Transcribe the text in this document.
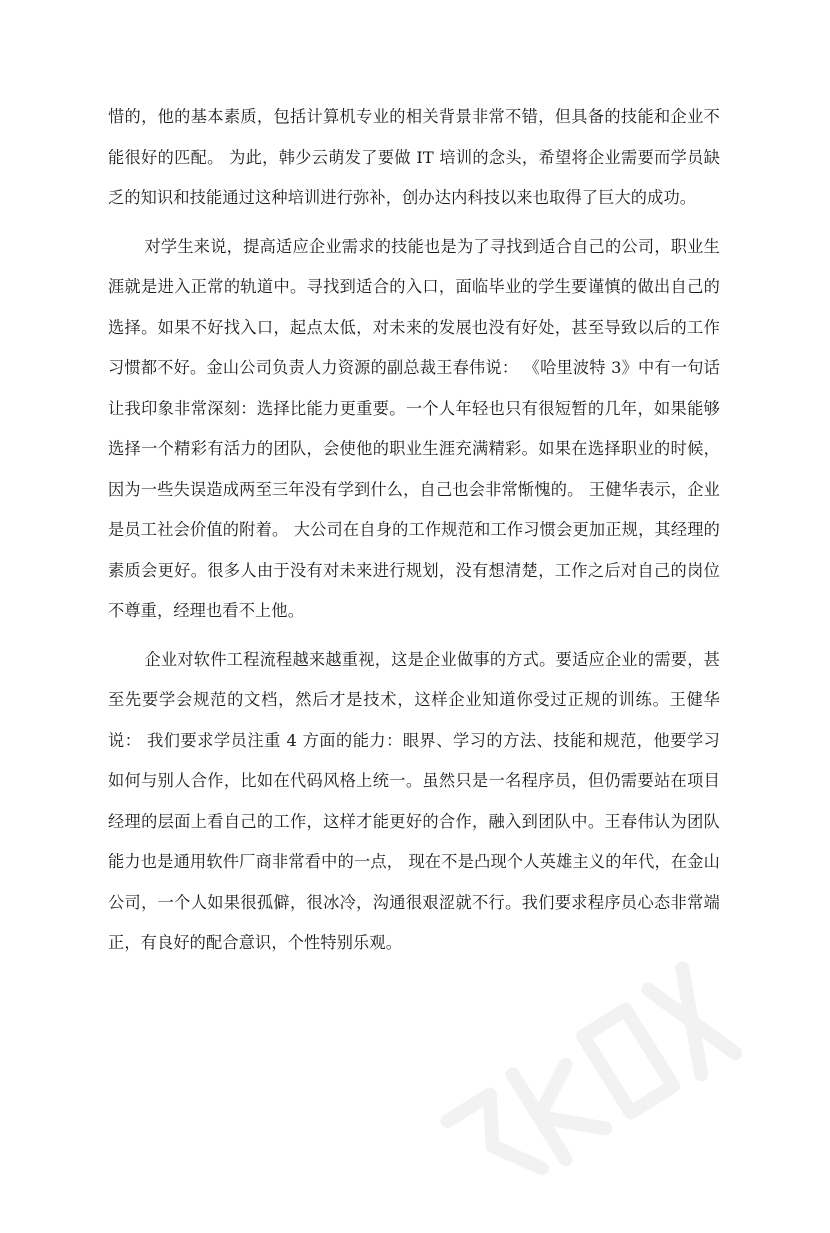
惜的，他的基本素质，包括计算机专业的相关背景非常不错，但具备的技能和企业不能很好的匹配。 为此，韩少云萌发了要做 IT 培训的念头，希望将企业需要而学员缺乏的知识和技能通过这种培训进行弥补，创办达内科技以来也取得了巨大的成功。

对学生来说，提高适应企业需求的技能也是为了寻找到适合自己的公司，职业生涯就是进入正常的轨道中。寻找到适合的入口，面临毕业的学生要谨慎的做出自己的选择。如果不好找入口，起点太低，对未来的发展也没有好处，甚至导致以后的工作习惯都不好。金山公司负责人力资源的副总裁王春伟说： 《哈里波特 3》中有一句话让我印象非常深刻：选择比能力更重要。一个人年轻也只有很短暂的几年，如果能够选择一个精彩有活力的团队，会使他的职业生涯充满精彩。如果在选择职业的时候，因为一些失误造成两至三年没有学到什么，自己也会非常惭愧的。 王健华表示，企业是员工社会价值的附着。 大公司在自身的工作规范和工作习惯会更加正规，其经理的素质会更好。很多人由于没有对未来进行规划，没有想清楚，工作之后对自己的岗位不尊重，经理也看不上他。

企业对软件工程流程越来越重视，这是企业做事的方式。要适应企业的需要，甚至先要学会规范的文档，然后才是技术，这样企业知道你受过正规的训练。王健华说： 我们要求学员注重 4 方面的能力：眼界、学习的方法、技能和规范，他要学习如何与别人合作，比如在代码风格上统一。虽然只是一名程序员，但仍需要站在项目经理的层面上看自己的工作，这样才能更好的合作，融入到团队中。王春伟认为团队能力也是通用软件厂商非常看中的一点， 现在不是凸现个人英雄主义的年代，在金山公司，一个人如果很孤僻，很冰冷，沟通很艰涩就不行。我们要求程序员心态非常端正，有良好的配合意识，个性特别乐观。
